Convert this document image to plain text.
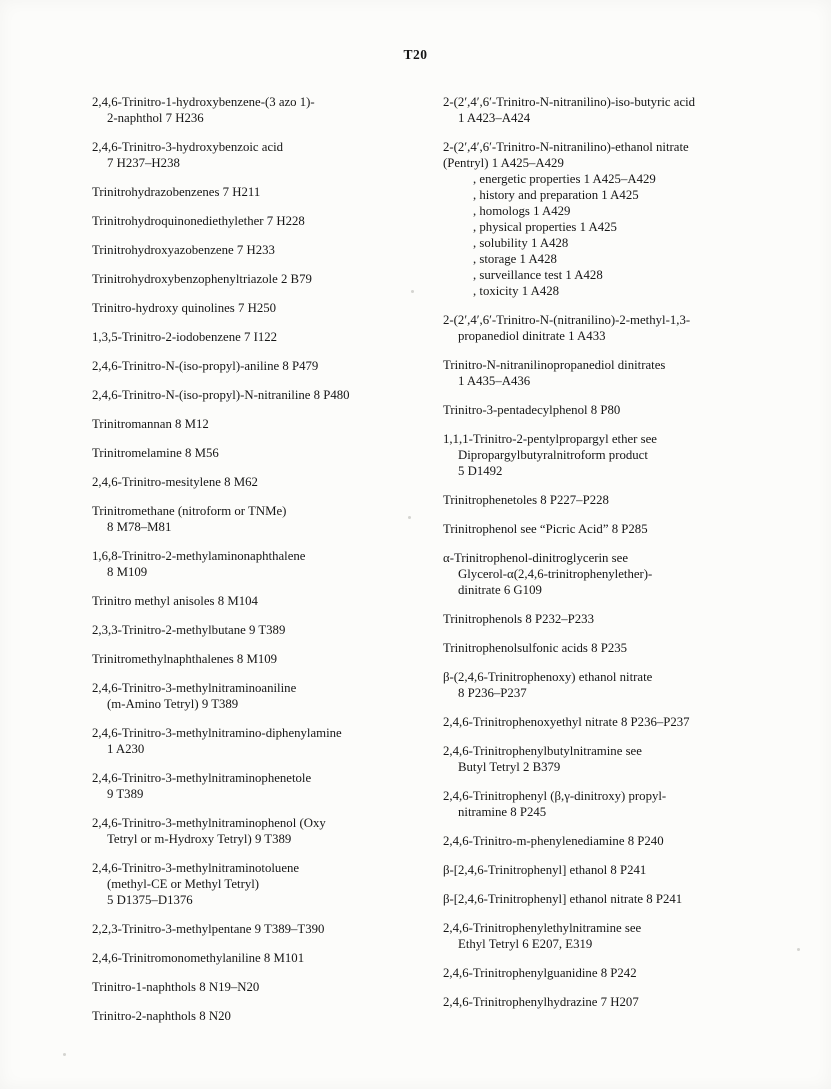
T20
2,4,6-Trinitro-1-hydroxybenzene-(3 azo 1)-
2-naphthol 7 H236
2,4,6-Trinitro-3-hydroxybenzoic acid
7 H237–H238
Trinitrohydrazobenzenes 7 H211
Trinitrohydroquinonediethylether 7 H228
Trinitrohydroxyazobenzene 7 H233
Trinitrohydroxybenzophenyltriazole 2 B79
Trinitro-hydroxy quinolines 7 H250
1,3,5-Trinitro-2-iodobenzene 7 I122
2,4,6-Trinitro-N-(iso-propyl)-aniline 8 P479
2,4,6-Trinitro-N-(iso-propyl)-N-nitraniline 8 P480
Trinitromannan 8 M12
Trinitromelamine 8 M56
2,4,6-Trinitro-mesitylene 8 M62
Trinitromethane (nitroform or TNMe)
8 M78–M81
1,6,8-Trinitro-2-methylaminonaphthalene
8 M109
Trinitro methyl anisoles 8 M104
2,3,3-Trinitro-2-methylbutane 9 T389
Trinitromethylnaphthalenes 8 M109
2,4,6-Trinitro-3-methylnitraminoaniline
(m-Amino Tetryl) 9 T389
2,4,6-Trinitro-3-methylnitramino-diphenylamine
1 A230
2,4,6-Trinitro-3-methylnitraminophenetole
9 T389
2,4,6-Trinitro-3-methylnitraminophenol (Oxy
Tetryl or m-Hydroxy Tetryl) 9 T389
2,4,6-Trinitro-3-methylnitraminotoluene
(methyl-CE or Methyl Tetryl)
5 D1375–D1376
2,2,3-Trinitro-3-methylpentane 9 T389–T390
2,4,6-Trinitromonomethylaniline 8 M101
Trinitro-1-naphthols 8 N19–N20
Trinitro-2-naphthols 8 N20
2-(2′,4′,6′-Trinitro-N-nitranilino)-iso-butyric acid
1 A423–A424
2-(2′,4′,6′-Trinitro-N-nitranilino)-ethanol nitrate
(Pentryl) 1 A425–A429
, energetic properties 1 A425–A429
, history and preparation 1 A425
, homologs 1 A429
, physical properties 1 A425
, solubility 1 A428
, storage 1 A428
, surveillance test 1 A428
, toxicity 1 A428
2-(2′,4′,6′-Trinitro-N-(nitranilino)-2-methyl-1,3-
propanediol dinitrate 1 A433
Trinitro-N-nitranilinopropanediol dinitrates
1 A435–A436
Trinitro-3-pentadecylphenol 8 P80
1,1,1-Trinitro-2-pentylpropargyl ether see
Dipropargylbutyralnitroform product
5 D1492
Trinitrophenetoles 8 P227–P228
Trinitrophenol see “Picric Acid” 8 P285
α-Trinitrophenol-dinitroglycerin see
Glycerol-α(2,4,6-trinitrophenylether)-
dinitrate 6 G109
Trinitrophenols 8 P232–P233
Trinitrophenolsulfonic acids 8 P235
β-(2,4,6-Trinitrophenoxy) ethanol nitrate
8 P236–P237
2,4,6-Trinitrophenoxyethyl nitrate 8 P236–P237
2,4,6-Trinitrophenylbutylnitramine see
Butyl Tetryl 2 B379
2,4,6-Trinitrophenyl (β,γ-dinitroxy) propyl-
nitramine 8 P245
2,4,6-Trinitro-m-phenylenediamine 8 P240
β-[2,4,6-Trinitrophenyl] ethanol 8 P241
β-[2,4,6-Trinitrophenyl] ethanol nitrate 8 P241
2,4,6-Trinitrophenylethylnitramine see
Ethyl Tetryl 6 E207, E319
2,4,6-Trinitrophenylguanidine 8 P242
2,4,6-Trinitrophenylhydrazine 7 H207
